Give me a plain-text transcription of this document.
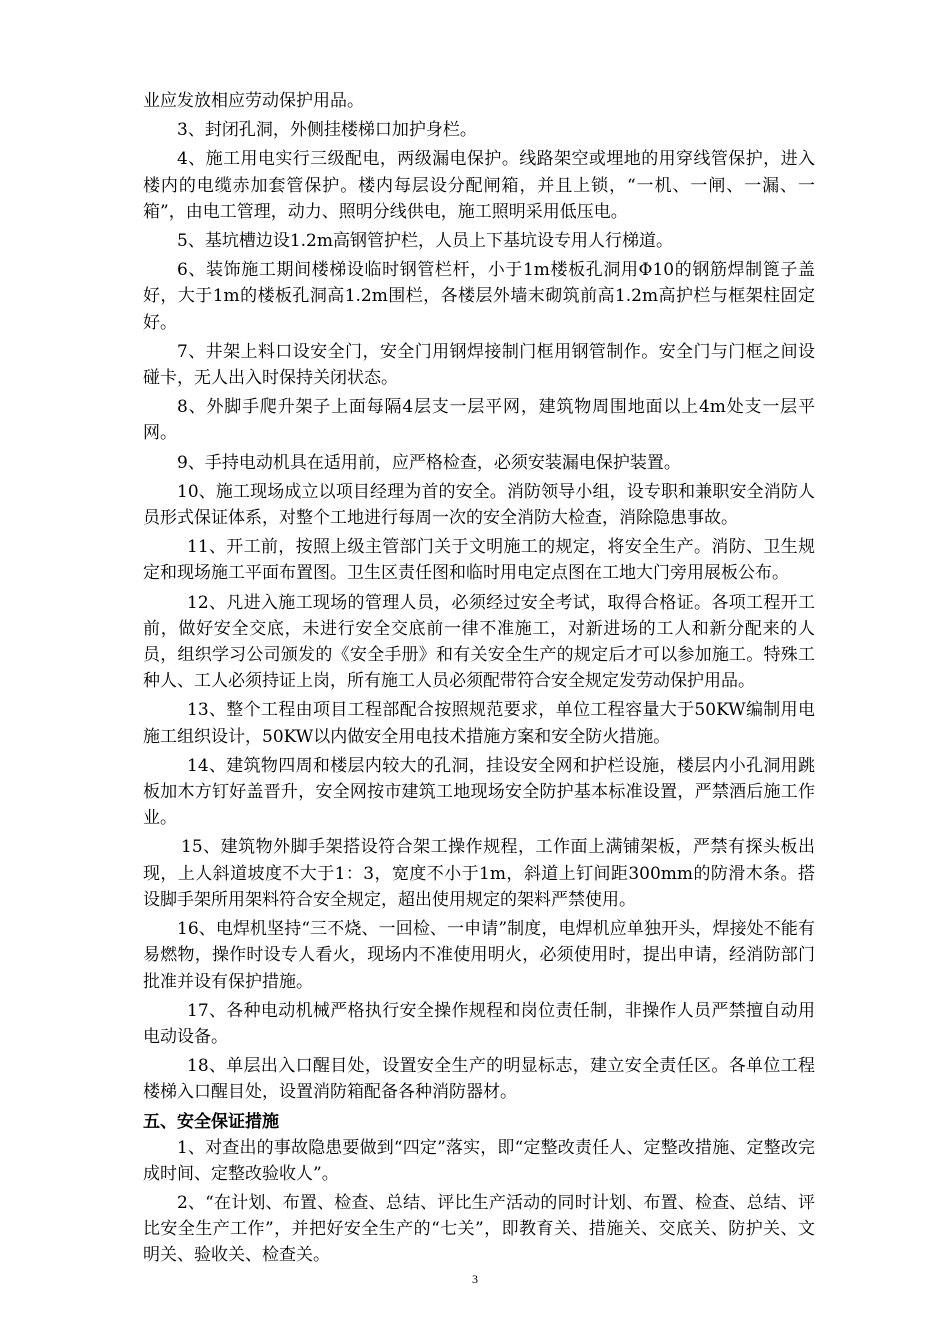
业应发放相应劳动保护用品。

3、封闭孔洞，外侧挂楼梯口加护身栏。

4、施工用电实行三级配电，两级漏电保护。线路架空或埋地的用穿线管保护，进入楼内的电缆赤加套管保护。楼内每层设分配闸箱，并且上锁，“一机、一闸、一漏、一箱”，由电工管理，动力、照明分线供电，施工照明采用低压电。

5、基坑槽边设1.2m高钢管护栏，人员上下基坑设专用人行梯道。

6、装饰施工期间楼梯设临时钢管栏杆，小于1m楼板孔洞用Φ10的钢筋焊制篦子盖好，大于1m的楼板孔洞高1.2m围栏，各楼层外墙末砌筑前高1.2m高护栏与框架柱固定好。

7、井架上料口设安全门，安全门用钢焊接制门框用钢管制作。安全门与门框之间设碰卡，无人出入时保持关闭状态。

8、外脚手爬升架子上面每隔4层支一层平网，建筑物周围地面以上4m处支一层平网。

9、手持电动机具在适用前，应严格检查，必须安装漏电保护装置。

10、施工现场成立以项目经理为首的安全。消防领导小组，设专职和兼职安全消防人员形式保证体系，对整个工地进行每周一次的安全消防大检查，消除隐患事故。

11、开工前，按照上级主管部门关于文明施工的规定，将安全生产。消防、卫生规定和现场施工平面布置图。卫生区责任图和临时用电定点图在工地大门旁用展板公布。

12、凡进入施工现场的管理人员，必须经过安全考试，取得合格证。各项工程开工前，做好安全交底，未进行安全交底前一律不准施工，对新进场的工人和新分配来的人员，组织学习公司颁发的《安全手册》和有关安全生产的规定后才可以参加施工。特殊工种人、工人必须持证上岗，所有施工人员必须配带符合安全规定发劳动保护用品。

13、整个工程由项目工程部配合按照规范要求，单位工程容量大于50KW编制用电施工组织设计，50KW以内做安全用电技术措施方案和安全防火措施。

14、建筑物四周和楼层内较大的孔洞，挂设安全网和护栏设施，楼层内小孔洞用跳板加木方钉好盖晋升，安全网按市建筑工地现场安全防护基本标准设置，严禁酒后施工作业。

15、建筑物外脚手架搭设符合架工操作规程，工作面上满铺架板，严禁有探头板出现，上人斜道坡度不大于1：3，宽度不小于1m，斜道上钉间距300mm的防滑木条。搭设脚手架所用架料符合安全规定，超出使用规定的架料严禁使用。

16、电焊机坚持“三不烧、一回检、一申请”制度，电焊机应单独开头，焊接处不能有易燃物，操作时设专人看火，现场内不准使用明火，必须使用时，提出申请，经消防部门批准并设有保护措施。

17、各种电动机械严格执行安全操作规程和岗位责任制，非操作人员严禁擅自动用电动设备。

18、单层出入口醒目处，设置安全生产的明显标志，建立安全责任区。各单位工程楼梯入口醒目处，设置消防箱配备各种消防器材。

五、安全保证措施

1、对查出的事故隐患要做到“四定”落实，即“定整改责任人、定整改措施、定整改完成时间、定整改验收人”。

2、“在计划、布置、检查、总结、评比生产活动的同时计划、布置、检查、总结、评比安全生产工作”，并把好安全生产的“七关”，即教育关、措施关、交底关、防护关、文明关、验收关、检查关。

3
